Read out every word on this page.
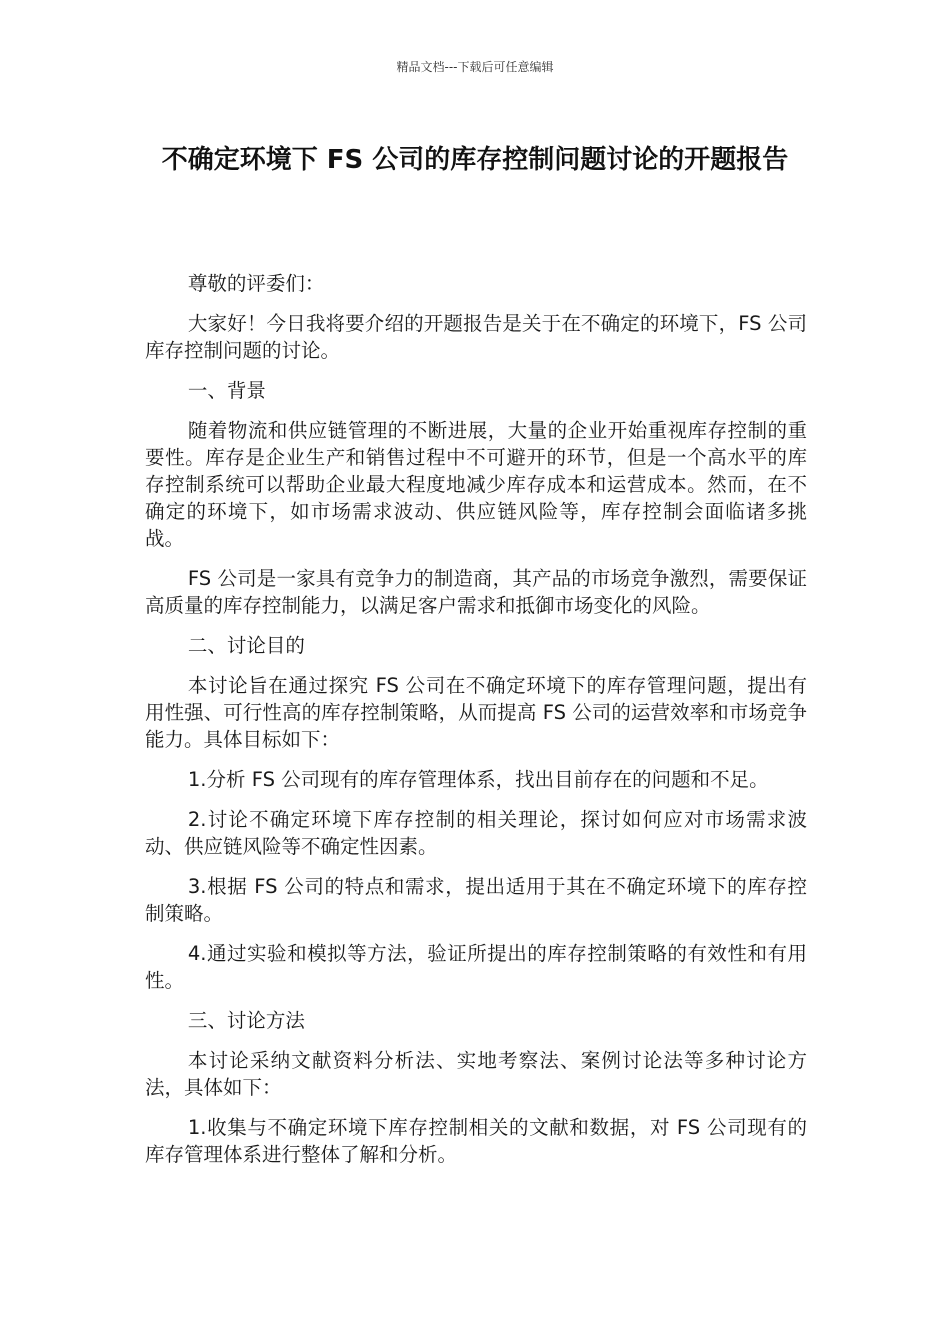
精品文档---下载后可任意编辑
不确定环境下 FS 公司的库存控制问题讨论的开题报告

尊敬的评委们：

大家好！今日我将要介绍的开题报告是关于在不确定的环境下，FS 公司库存控制问题的讨论。

一、背景

随着物流和供应链管理的不断进展，大量的企业开始重视库存控制的重要性。库存是企业生产和销售过程中不可避开的环节，但是一个高水平的库存控制系统可以帮助企业最大程度地减少库存成本和运营成本。然而，在不确定的环境下，如市场需求波动、供应链风险等，库存控制会面临诸多挑战。

FS 公司是一家具有竞争力的制造商，其产品的市场竞争激烈，需要保证高质量的库存控制能力，以满足客户需求和抵御市场变化的风险。

二、讨论目的

本讨论旨在通过探究 FS 公司在不确定环境下的库存管理问题，提出有用性强、可行性高的库存控制策略，从而提高 FS 公司的运营效率和市场竞争能力。具体目标如下：

1.分析 FS 公司现有的库存管理体系，找出目前存在的问题和不足。

2.讨论不确定环境下库存控制的相关理论，探讨如何应对市场需求波动、供应链风险等不确定性因素。

3.根据 FS 公司的特点和需求，提出适用于其在不确定环境下的库存控制策略。

4.通过实验和模拟等方法，验证所提出的库存控制策略的有效性和有用性。

三、讨论方法

本讨论采纳文献资料分析法、实地考察法、案例讨论法等多种讨论方法，具体如下：

1.收集与不确定环境下库存控制相关的文献和数据，对 FS 公司现有的库存管理体系进行整体了解和分析。
